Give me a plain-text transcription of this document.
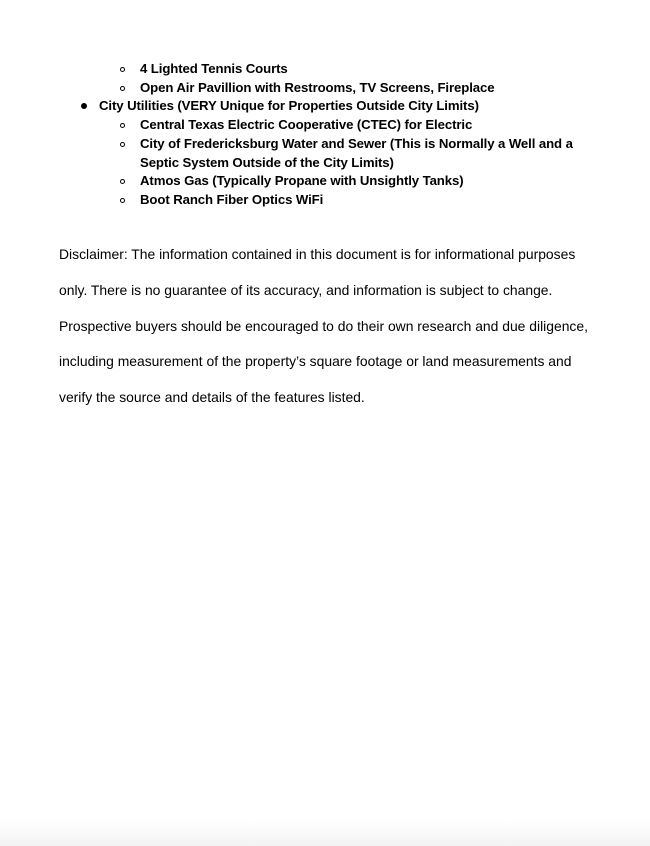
4 Lighted Tennis Courts
Open Air Pavillion with Restrooms, TV Screens, Fireplace
City Utilities (VERY Unique for Properties Outside City Limits)
Central Texas Electric Cooperative (CTEC) for Electric
City of Fredericksburg Water and Sewer (This is Normally a Well and a
Septic System Outside of the City Limits)
Atmos Gas (Typically Propane with Unsightly Tanks)
Boot Ranch Fiber Optics WiFi

Disclaimer: The information contained in this document is for informational purposes

only. There is no guarantee of its accuracy, and information is subject to change.

Prospective buyers should be encouraged to do their own research and due diligence,

including measurement of the property’s square footage or land measurements and

verify the source and details of the features listed.
